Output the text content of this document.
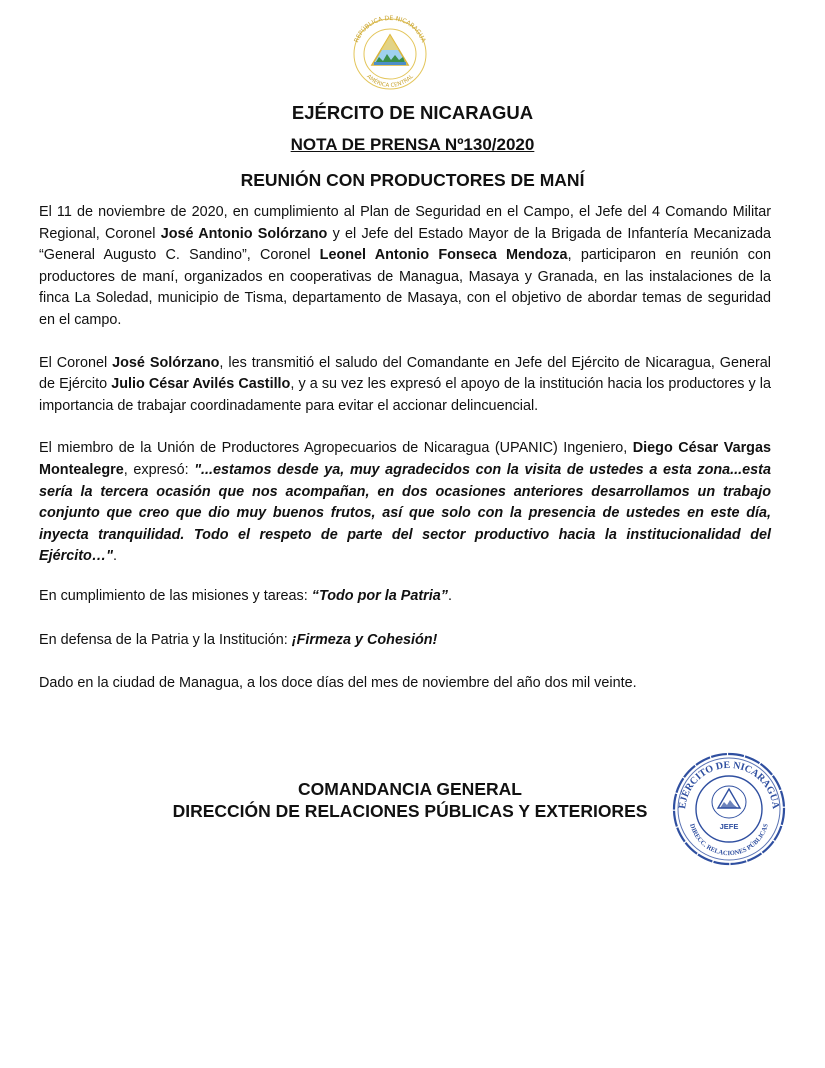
REPÚBLICA DE NICARAGUA
AMÉRICA CENTRAL
EJÉRCITO DE NICARAGUA
NOTA DE PRENSA Nº130/2020
REUNIÓN CON PRODUCTORES DE MANÍ

El 11 de noviembre de 2020, en cumplimiento al Plan de Seguridad en el Campo, el Jefe del 4 Comando Militar Regional, Coronel José Antonio Solórzano y el Jefe del Estado Mayor de la Brigada de Infantería Mecanizada “General Augusto C. Sandino”, Coronel Leonel Antonio Fonseca Mendoza, participaron en reunión con productores de maní, organizados en cooperativas de Managua, Masaya y Granada, en las instalaciones de la finca La Soledad, municipio de Tisma, departamento de Masaya, con el objetivo de abordar temas de seguridad en el campo.

El Coronel José Solórzano, les transmitió el saludo del Comandante en Jefe del Ejército de Nicaragua, General de Ejército Julio César Avilés Castillo, y a su vez les expresó el apoyo de la institución hacia los productores y la importancia de trabajar coordinadamente para evitar el accionar delincuencial.

El miembro de la Unión de Productores Agropecuarios de Nicaragua (UPANIC) Ingeniero, Diego César Vargas Montealegre, expresó: "...estamos desde ya, muy agradecidos con la visita de ustedes a esta zona...esta sería la tercera ocasión que nos acompañan, en dos ocasiones anteriores desarrollamos un trabajo conjunto que creo que dio muy buenos frutos, así que solo con la presencia de ustedes en este día, inyecta tranquilidad. Todo el respeto de parte del sector productivo hacia la institucionalidad del Ejército…".

En cumplimiento de las misiones y tareas: “Todo por la Patria”.

En defensa de la Patria y la Institución: ¡Firmeza y Cohesión!

Dado en la ciudad de Managua, a los doce días del mes de noviembre del año dos mil veinte.

COMANDANCIA GENERAL
DIRECCIÓN DE RELACIONES PÚBLICAS Y EXTERIORES	EJÉRCITO DE NICARAGUA
DIRECC. RELACIONES PÚBLICAS
JEFE
